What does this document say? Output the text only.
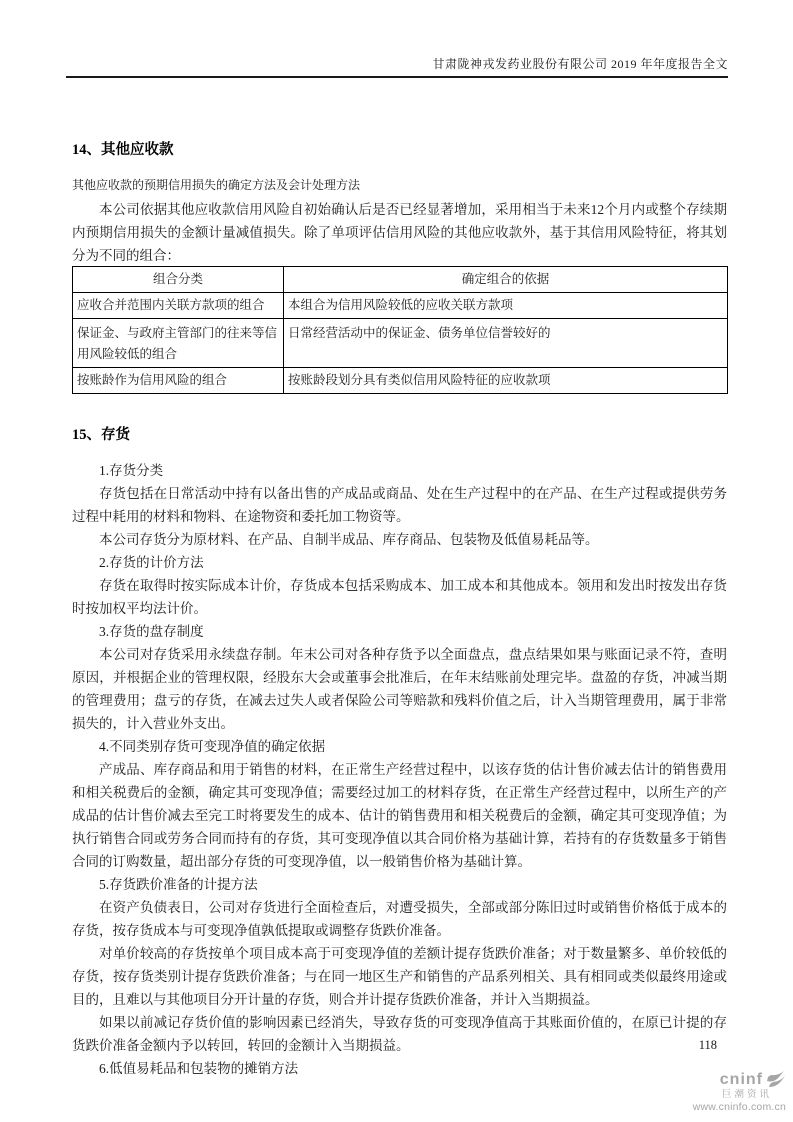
甘肃陇神戎发药业股份有限公司 2019 年年度报告全文
14、其他应收款
其他应收款的预期信用损失的确定方法及会计处理方法
本公司依据其他应收款信用风险自初始确认后是否已经显著增加，采用相当于未来12个月内或整个存续期内预期信用损失的金额计量减值损失。除了单项评估信用风险的其他应收款外，基于其信用风险特征，将其划分为不同的组合：
组合分类	确定组合的依据
应收合并范围内关联方款项的组合	本组合为信用风险较低的应收关联方款项
保证金、与政府主管部门的往来等信用风险较低的组合	日常经营活动中的保证金、债务单位信誉较好的
按账龄作为信用风险的组合	按账龄段划分具有类似信用风险特征的应收款项
15、存货

1.存货分类

存货包括在日常活动中持有以备出售的产成品或商品、处在生产过程中的在产品、在生产过程或提供劳务过程中耗用的材料和物料、在途物资和委托加工物资等。

本公司存货分为原材料、在产品、自制半成品、库存商品、包装物及低值易耗品等。

2.存货的计价方法

存货在取得时按实际成本计价，存货成本包括采购成本、加工成本和其他成本。领用和发出时按发出存货时按加权平均法计价。

3.存货的盘存制度

本公司对存货采用永续盘存制。年末公司对各种存货予以全面盘点，盘点结果如果与账面记录不符，查明原因，并根据企业的管理权限，经股东大会或董事会批准后，在年末结账前处理完毕。盘盈的存货，冲减当期的管理费用；盘亏的存货，在减去过失人或者保险公司等赔款和残料价值之后，计入当期管理费用，属于非常损失的，计入营业外支出。

4.不同类别存货可变现净值的确定依据

产成品、库存商品和用于销售的材料，在正常生产经营过程中，以该存货的估计售价减去估计的销售费用和相关税费后的金额，确定其可变现净值；需要经过加工的材料存货，在正常生产经营过程中，以所生产的产成品的估计售价减去至完工时将要发生的成本、估计的销售费用和相关税费后的金额，确定其可变现净值；为执行销售合同或劳务合同而持有的存货，其可变现净值以其合同价格为基础计算，若持有的存货数量多于销售合同的订购数量，超出部分存货的可变现净值，以一般销售价格为基础计算。

5.存货跌价准备的计提方法

在资产负债表日，公司对存货进行全面检查后，对遭受损失，全部或部分陈旧过时或销售价格低于成本的存货，按存货成本与可变现净值孰低提取或调整存货跌价准备。

对单价较高的存货按单个项目成本高于可变现净值的差额计提存货跌价准备；对于数量繁多、单价较低的存货，按存货类别计提存货跌价准备；与在同一地区生产和销售的产品系列相关、具有相同或类似最终用途或目的，且难以与其他项目分开计量的存货，则合并计提存货跌价准备，并计入当期损益。

如果以前减记存货价值的影响因素已经消失，导致存货的可变现净值高于其账面价值的，在原已计提的存货跌价准备金额内予以转回，转回的金额计入当期损益。

6.低值易耗品和包装物的摊销方法

118
cninf
巨潮资讯
www.cninfo.com.cn
